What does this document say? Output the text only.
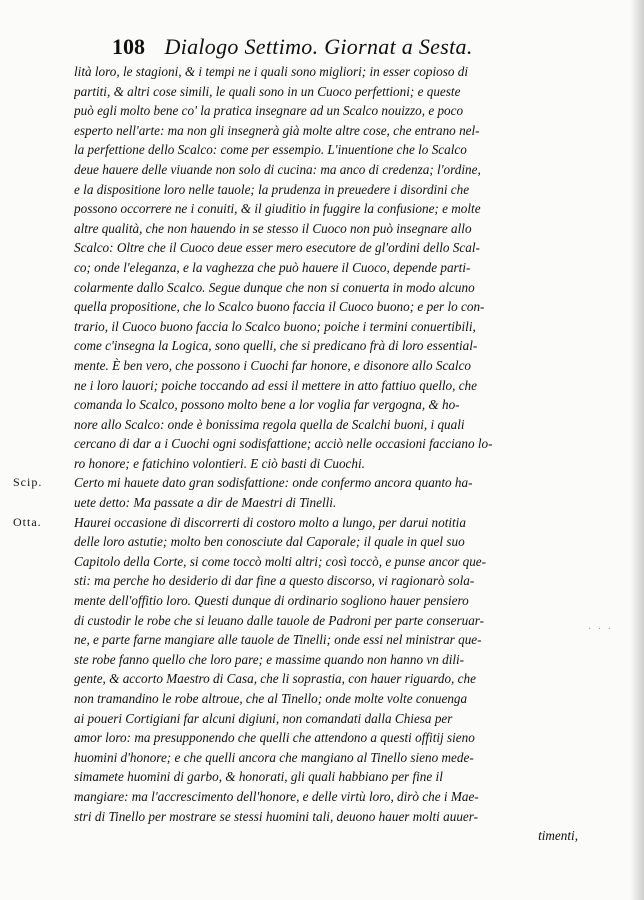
108 Dialogo Settimo. Giornat a Sesta.
lità loro, le stagioni, & i tempi ne i quali sono migliori; in esser copioso di
partiti, & altri cose simili, le quali sono in un Cuoco perfettioni; e queste
può egli molto bene co' la pratica insegnare ad un Scalco nouizzo, e poco
esperto nell'arte: ma non gli insegnerà già molte altre cose, che entrano nel-
la perfettione dello Scalco: come per essempio. L'inuentione che lo Scalco
deue hauere delle viuande non solo di cucina: ma anco di credenza; l'ordine,
e la dispositione loro nelle tauole; la prudenza in preuedere i disordini che
possono occorrere ne i conuiti, & il giuditio in fuggire la confusione; e molte
altre qualità, che non hauendo in se stesso il Cuoco non può insegnare allo
Scalco: Oltre che il Cuoco deue esser mero esecutore de gl'ordini dello Scal-
co; onde l'eleganza, e la vaghezza che può hauere il Cuoco, depende parti-
colarmente dallo Scalco. Segue dunque che non si conuerta in modo alcuno
quella propositione, che lo Scalco buono faccia il Cuoco buono; e per lo con-
trario, il Cuoco buono faccia lo Scalco buono; poiche i termini conuertibili,
come c'insegna la Logica, sono quelli, che si predicano frà di loro essential-
mente. È ben vero, che possono i Cuochi far honore, e disonore allo Scalco
ne i loro lauori; poiche toccando ad essi il mettere in atto fattiuo quello, che
comanda lo Scalco, possono molto bene a lor voglia far vergogna, & ho-
nore allo Scalco: onde è bonissima regola quella de Scalchi buoni, i quali
cercano di dar a i Cuochi ogni sodisfattione; acciò nelle occasioni facciano lo-
ro honore; e fatichino volontieri. E ciò basti di Cuochi.
Scip. Certo mi hauete dato gran sodisfattione: onde confermo ancora quanto ha-
uete detto: Ma passate a dir de Maestri di Tinelli.
Otta. Haurei occasione di discorrerti di costoro molto a lungo, per darui notitia
delle loro astutie; molto ben conosciute dal Caporale; il quale in quel suo
Capitolo della Corte, si come toccò molti altri; così toccò, e punse ancor que-
sti: ma perche ho desiderio di dar fine a questo discorso, vi ragionarò sola-
mente dell'offitio loro. Questi dunque di ordinario sogliono hauer pensiero
di custodir le robe che si leuano dalle tauole de Padroni per parte conseruar-
ne, e parte farne mangiare alle tauole de Tinelli; onde essi nel ministrar que-
ste robe fanno quello che loro pare; e massime quando non hanno vn dili-
gente, & accorto Maestro di Casa, che li soprastia, con hauer riguardo, che
non tramandino le robe altroue, che al Tinello; onde molte volte conuenga
ai poueri Cortigiani far alcuni digiuni, non comandati dalla Chiesa per
amor loro: ma presupponendo che quelli che attendono a questi offitij sieno
huomini d'honore; e che quelli ancora che mangiano al Tinello sieno mede-
simamete huomini di garbo, & honorati, gli quali habbiano per fine il
mangiare: ma l'accrescimento dell'honore, e delle virtù loro, dirò che i Mae-
stri di Tinello per mostrare se stessi huomini tali, deuono hauer molti auuer-
timenti,
· · ·
